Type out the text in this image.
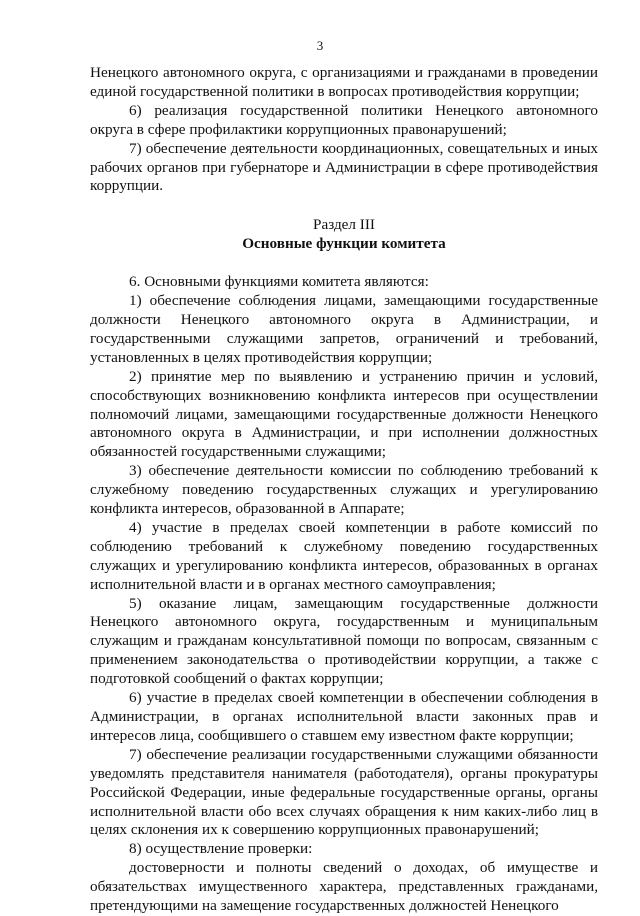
3

Ненецкого автономного округа, с организациями и гражданами в проведении единой государственной политики в вопросах противодействия коррупции;

6) реализация государственной политики Ненецкого автономного округа в сфере профилактики коррупционных правонарушений;

7) обеспечение деятельности координационных, совещательных и иных рабочих органов при губернаторе и Администрации в сфере противодействия коррупции.

Раздел III

Основные функции комитета

6. Основными функциями комитета являются:

1) обеспечение соблюдения лицами, замещающими государственные должности Ненецкого автономного округа в Администрации, и государственными служащими запретов, ограничений и требований, установленных в целях противодействия коррупции;

2) принятие мер по выявлению и устранению причин и условий, способствующих возникновению конфликта интересов при осуществлении полномочий лицами, замещающими государственные должности Ненецкого автономного округа в Администрации, и при исполнении должностных обязанностей государственными служащими;

3) обеспечение деятельности комиссии по соблюдению требований к служебному поведению государственных служащих и урегулированию конфликта интересов, образованной в Аппарате;

4) участие в пределах своей компетенции в работе комиссий по соблюдению требований к служебному поведению государственных служащих и урегулированию конфликта интересов, образованных в органах исполнительной власти и в органах местного самоуправления;

5) оказание лицам, замещающим государственные должности Ненецкого автономного округа, государственным и муниципальным служащим и гражданам консультативной помощи по вопросам, связанным с применением законодательства о противодействии коррупции, а также с подготовкой сообщений о фактах коррупции;

6) участие в пределах своей компетенции в обеспечении соблюдения в Администрации, в органах исполнительной власти законных прав и интересов лица, сообщившего о ставшем ему известном факте коррупции;

7) обеспечение реализации государственными служащими обязанности уведомлять представителя нанимателя (работодателя), органы прокуратуры Российской Федерации, иные федеральные государственные органы, органы исполнительной власти обо всех случаях обращения к ним каких-либо лиц в целях склонения их к совершению коррупционных правонарушений;

8) осуществление проверки:

достоверности и полноты сведений о доходах, об имуществе и обязательствах имущественного характера, представленных гражданами, претендующими на замещение государственных должностей Ненецкого
